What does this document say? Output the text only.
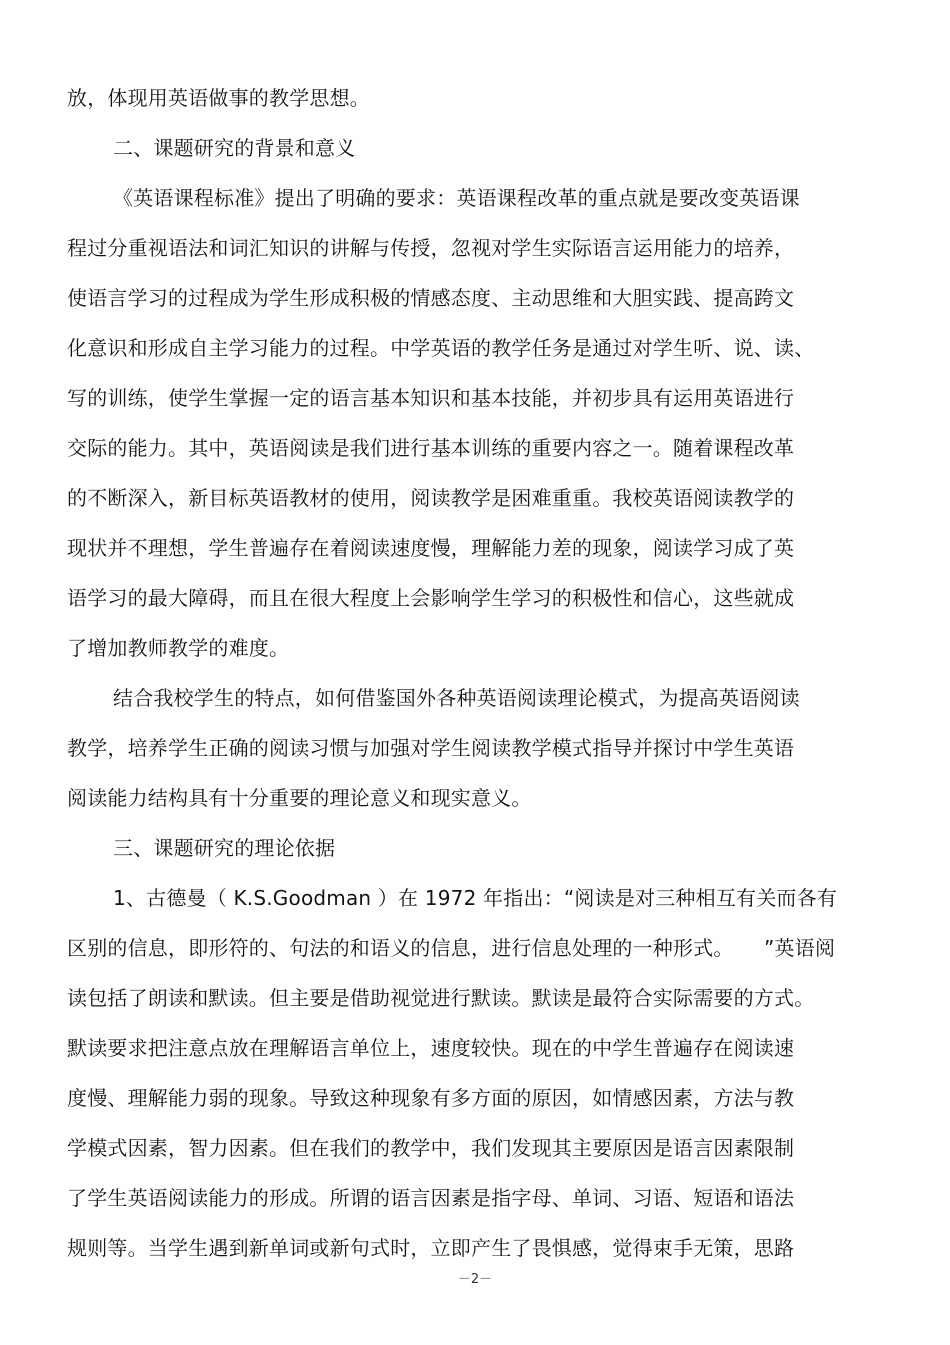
放，体现用英语做事的教学思想。
二、课题研究的背景和意义
《英语课程标准》提出了明确的要求：英语课程改革的重点就是要改变英语课
程过分重视语法和词汇知识的讲解与传授，忽视对学生实际语言运用能力的培养，
使语言学习的过程成为学生形成积极的情感态度、主动思维和大胆实践、提高跨文
化意识和形成自主学习能力的过程。中学英语的教学任务是通过对学生听、说、读、
写的训练，使学生掌握一定的语言基本知识和基本技能，并初步具有运用英语进行
交际的能力。其中，英语阅读是我们进行基本训练的重要内容之一。随着课程改革
的不断深入，新目标英语教材的使用，阅读教学是困难重重。我校英语阅读教学的
现状并不理想，学生普遍存在着阅读速度慢，理解能力差的现象，阅读学习成了英
语学习的最大障碍，而且在很大程度上会影响学生学习的积极性和信心，这些就成
了增加教师教学的难度。
结合我校学生的特点，如何借鉴国外各种英语阅读理论模式，为提高英语阅读
教学，培养学生正确的阅读习惯与加强对学生阅读教学模式指导并探讨中学生英语
阅读能力结构具有十分重要的理论意义和现实意义。
三、课题研究的理论依据
1、古德曼（ K.S.Goodman ）在 1972 年指出：“阅读是对三种相互有关而各有
区别的信息，即形符的、句法的和语义的信息，进行信息处理的一种形式。　　”英语阅
读包括了朗读和默读。但主要是借助视觉进行默读。默读是最符合实际需要的方式。
默读要求把注意点放在理解语言单位上，速度较快。现在的中学生普遍存在阅读速
度慢、理解能力弱的现象。导致这种现象有多方面的原因，如情感因素，方法与教
学模式因素，智力因素。但在我们的教学中，我们发现其主要原因是语言因素限制
了学生英语阅读能力的形成。所谓的语言因素是指字母、单词、习语、短语和语法
规则等。当学生遇到新单词或新句式时，立即产生了畏惧感，觉得束手无策，思路
－2－
